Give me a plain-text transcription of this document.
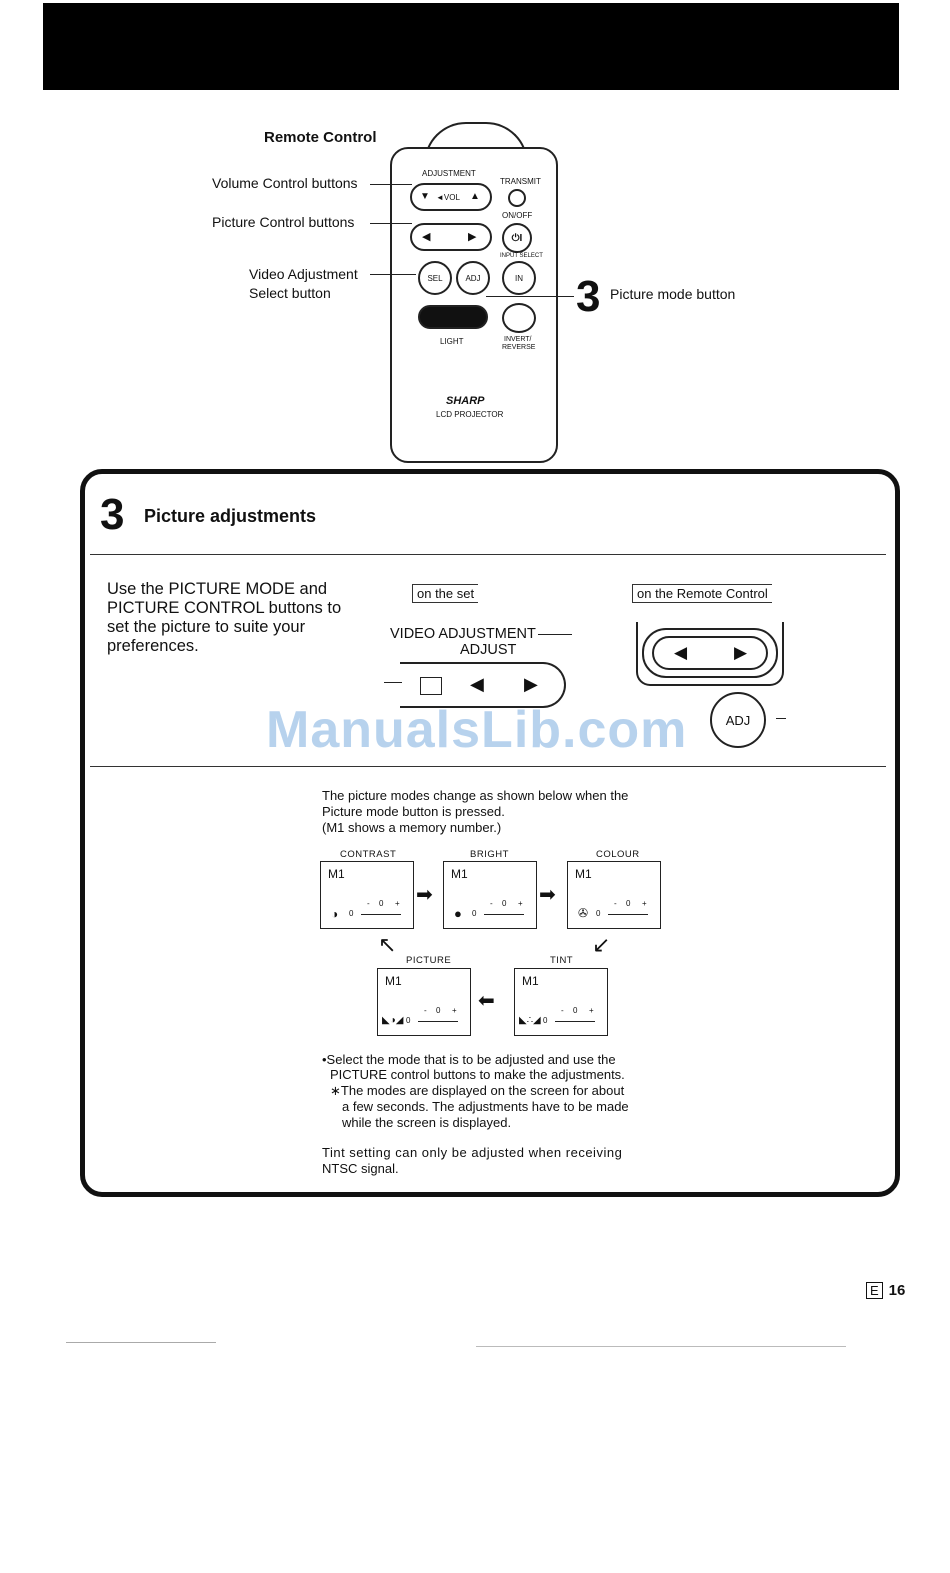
Remote Control
ADJUSTMENT
▼ ◄VOL ▲
◀	▶
TRANSMIT
ON/OFF
⏻I
INPUT SELECT
SEL	ADJ	IN
LIGHT	INVERT/
REVERSE
SHARP
LCD PROJECTOR
Volume Control buttons
Picture Control buttons
Video Adjustment
Select button	3 Picture mode button
3 Picture adjustments
Use the PICTURE MODE and PICTURE CONTROL buttons to set the picture to suite your preferences.
on the set	on the Remote Control
VIDEO ADJUSTMENT
ADJUST
◀ ▶
◀	▶
ADJ
ManualsLib.com
The picture modes change as shown below when the
Picture mode button is pressed.
(M1 shows a memory number.)
CONTRAST
M1
◑
- 0 +
0
BRIGHT
M1
●
- 0 +
0
COLOUR
M1
✇
- 0 +
0
TINT
M1
◣∴◢
- 0 +
0
PICTURE
M1
◣◑◢
- 0 +
0
➡	➡
↙
⬅
↖
•Select the mode that is to be adjusted and use the
PICTURE control buttons to make the adjustments.
∗The modes are displayed on the screen for about
a few seconds. The adjustments have to be made
while the screen is displayed.
Tint setting can only be adjusted when receiving
NTSC signal.
E 16
